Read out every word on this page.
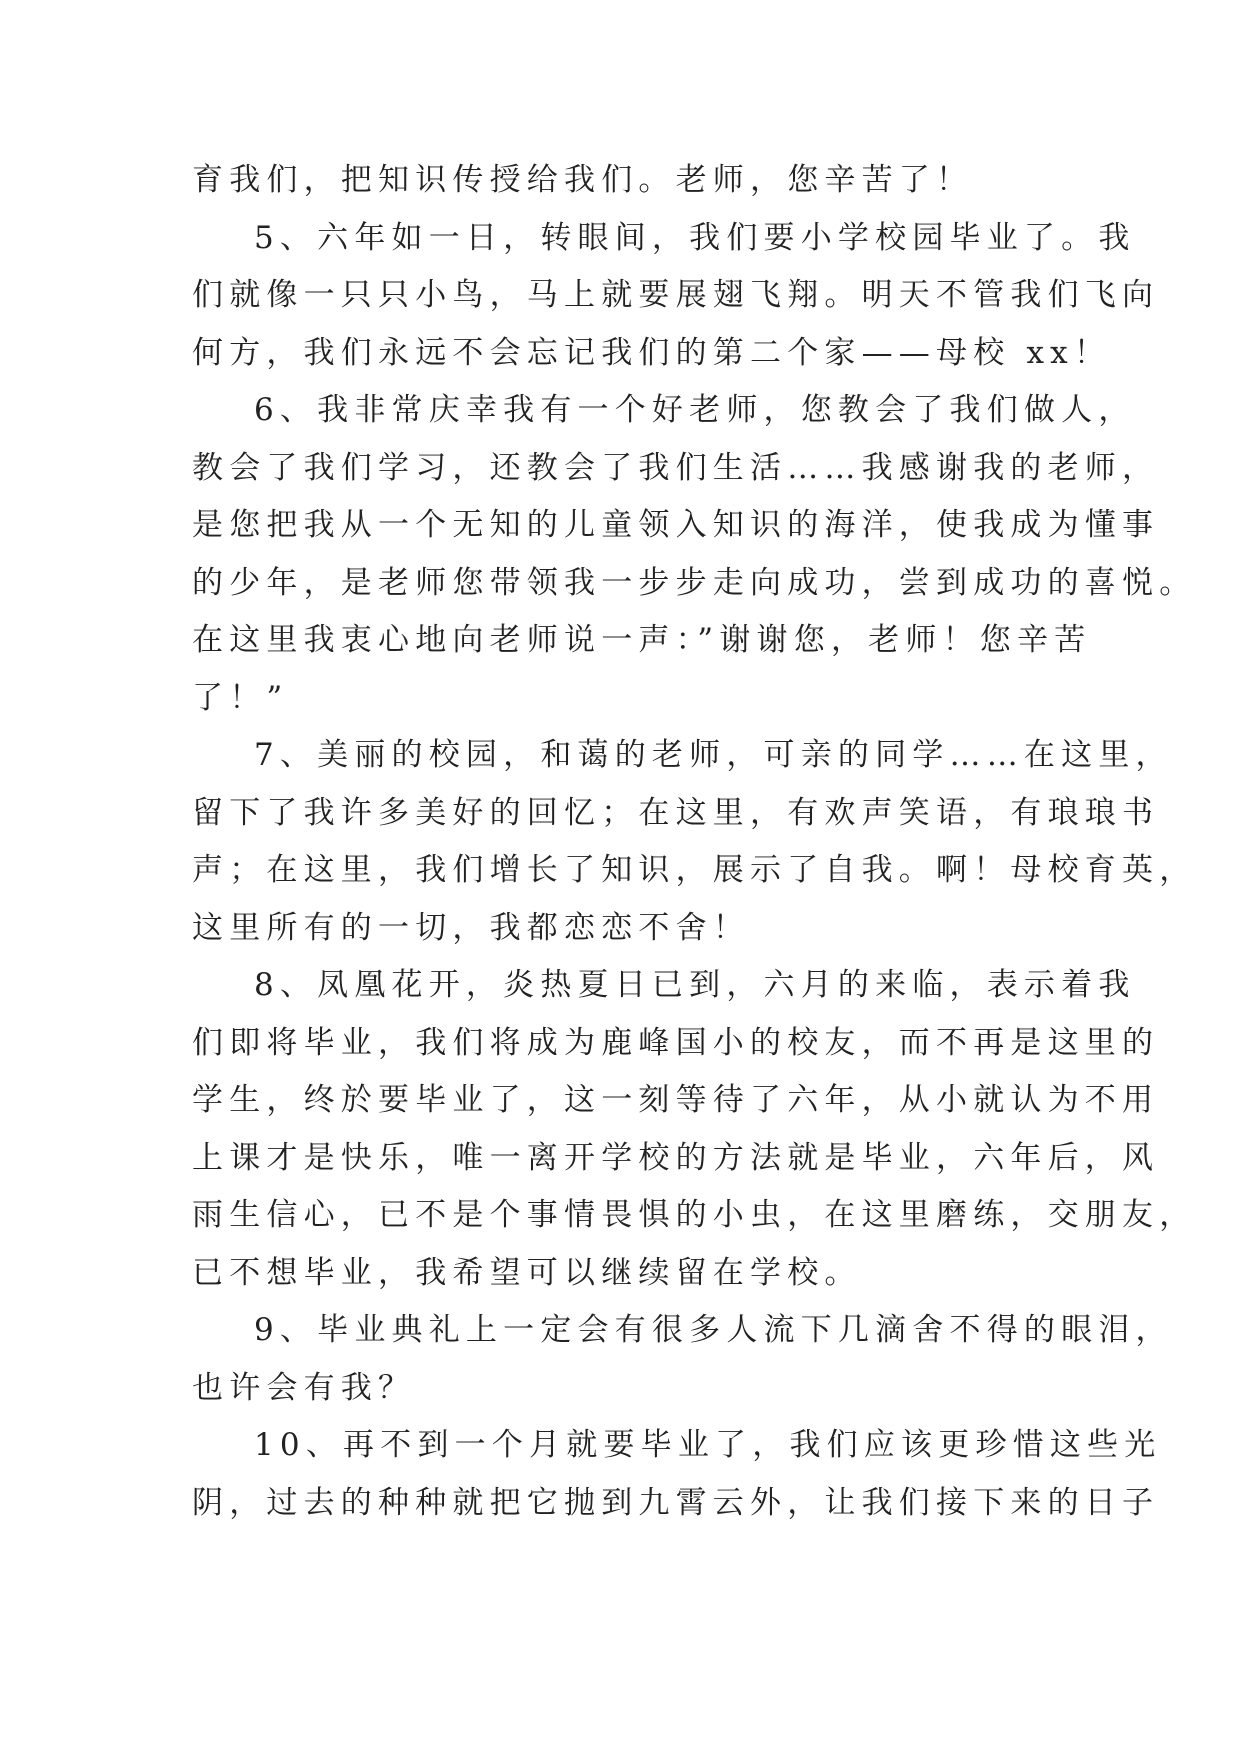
育我们，把知识传授给我们。老师，您辛苦了！
5、六年如一日，转眼间，我们要小学校园毕业了。我
们就像一只只小鸟，马上就要展翅飞翔。明天不管我们飞向
何方，我们永远不会忘记我们的第二个家——母校 xx！
6、我非常庆幸我有一个好老师，您教会了我们做人，
教会了我们学习，还教会了我们生活……我感谢我的老师，
是您把我从一个无知的儿童领入知识的海洋，使我成为懂事
的少年，是老师您带领我一步步走向成功，尝到成功的喜悦。
在这里我衷心地向老师说一声：”谢谢您，老师！您辛苦
了！”
7、美丽的校园，和蔼的老师，可亲的同学……在这里，
留下了我许多美好的回忆；在这里，有欢声笑语，有琅琅书
声；在这里，我们增长了知识，展示了自我。啊！母校育英，
这里所有的一切，我都恋恋不舍！
8、凤凰花开，炎热夏日已到，六月的来临，表示着我
们即将毕业，我们将成为鹿峰国小的校友，而不再是这里的
学生，终於要毕业了，这一刻等待了六年，从小就认为不用
上课才是快乐，唯一离开学校的方法就是毕业，六年后，风
雨生信心，已不是个事情畏惧的小虫，在这里磨练，交朋友，
已不想毕业，我希望可以继续留在学校。
9、毕业典礼上一定会有很多人流下几滴舍不得的眼泪，
也许会有我？
10、再不到一个月就要毕业了，我们应该更珍惜这些光
阴，过去的种种就把它抛到九霄云外，让我们接下来的日子
